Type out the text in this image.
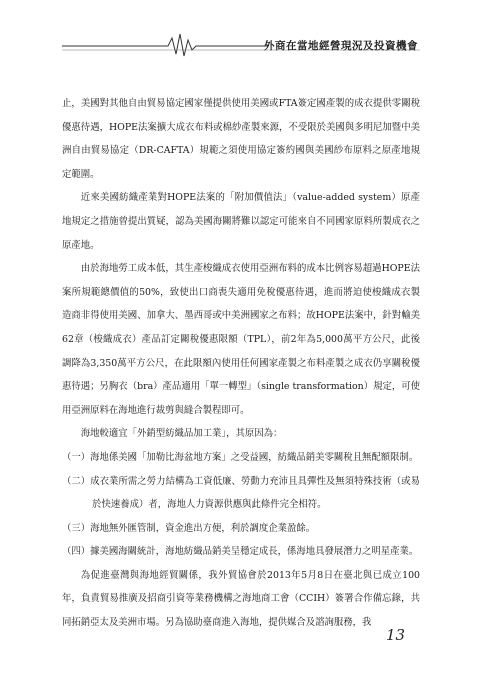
外商在當地經營現況及投資機會

止，美國對其他自由貿易協定國家僅提供使用美國或FTA簽定國產製的成衣提供零關稅優惠待遇，HOPE法案擴大成衣布料或棉紗產製來源，不受限於美國與多明尼加暨中美洲自由貿易協定（DR-CAFTA）規範之須使用協定簽約國與美國紗布原料之原產地規定範圍。

近來美國紡織產業對HOPE法案的「附加價值法」（value-added system）原產地規定之措施曾提出質疑，認為美國海關將難以認定可能來自不同國家原料所製成衣之原產地。

由於海地勞工成本低，其生產梭織成衣使用亞洲布料的成本比例容易超過HOPE法案所規範總價值的50%，致使出口商喪失適用免稅優惠待遇，進而將迫使梭織成衣製造商非得使用美國、加拿大、墨西哥或中美洲國家之布料；故HOPE法案中，針對輸美62章（梭織成衣）產品訂定關稅優惠限額（TPL），前2年為5,000萬平方公尺，此後調降為3,350萬平方公尺，在此限額內使用任何國家產製之布料產製之成衣仍享關稅優惠待遇；另胸衣（bra）產品適用「單一轉型」（single transformation）規定，可使用亞洲原料在海地進行裁剪與縫合製程即可。

海地較適宜「外銷型紡織品加工業」，其原因為：

（一）海地係美國「加勒比海盆地方案」之受益國，紡織品銷美零關稅且無配額限制。

（二）成衣業所需之勞力結構為工資低廉、勞動力充沛且具彈性及無須特殊技術（或易於快速養成）者，海地人力資源供應與此條件完全相符。

（三）海地無外匯管制，資金進出方便，利於調度企業盈餘。

（四）據美國海關統計，海地紡織品銷美呈穩定成長，係海地具發展潛力之明星產業。

為促進臺灣與海地經貿關係，我外貿協會於2013年5月8日在臺北與已成立100年，負責貿易推廣及招商引資等業務機構之海地商工會（CCIH）簽署合作備忘錄，共同拓銷亞太及美洲市場。另為協助臺商進入海地，提供媒合及諮詢服務，我

13
